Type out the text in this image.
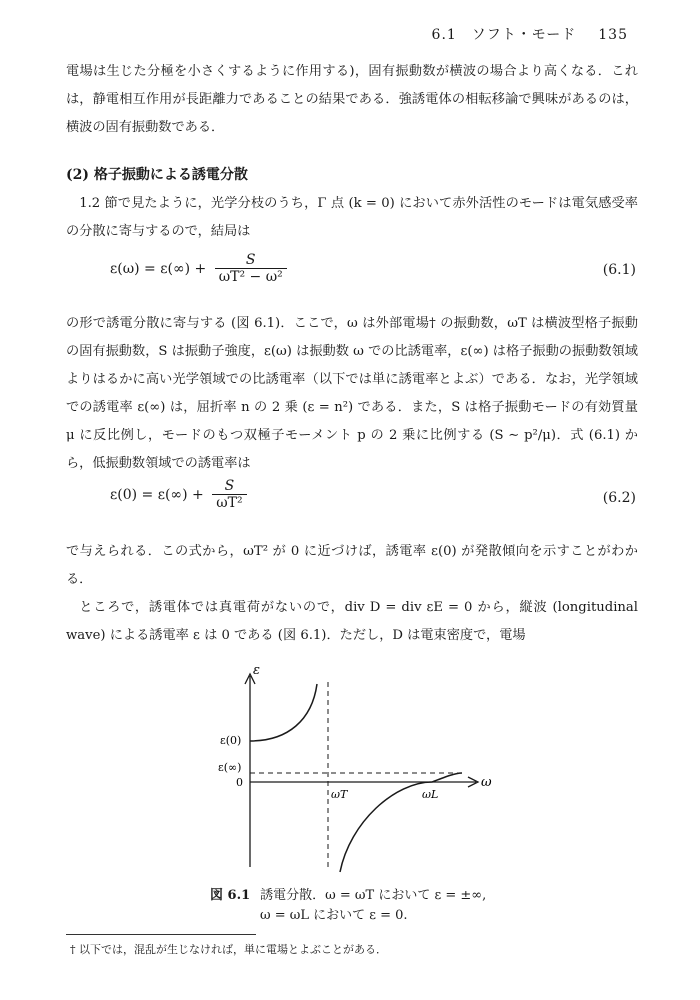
6.1　ソフト・モード 135
電場は生じた分極を小さくするように作用する)，固有振動数が横波の場合より高くなる．これは，静電相互作用が長距離力であることの結果である．強誘電体の相転移論で興味があるのは，横波の固有振動数である．
(2) 格子振動による誘電分散
1.2 節で見たように，光学分枝のうち，Γ 点 (k = 0) において赤外活性のモードは電気感受率の分散に寄与するので，結局は
$\varepsilon(\omega) = \varepsilon(\infty) + \frac{S}{\text{ωT² − ω²}}$	(6.1)
の形で誘電分散に寄与する (図 6.1)．ここで，ω は外部電場† の振動数，ωT は横波型格子振動の固有振動数，S は振動子強度，ε(ω) は振動数 ω での比誘電率，ε(∞) は格子振動の振動数領域よりはるかに高い光学領域での比誘電率（以下では単に誘電率とよぶ）である．なお，光学領域での誘電率 ε(∞) は，屈折率 n の 2 乗 (ε = n²) である．また，S は格子振動モードの有効質量 μ に反比例し，モードのもつ双極子モーメント p の 2 乗に比例する (S ∼ p²/μ)．式 (6.1) から，低振動数領域での誘電率は
$\varepsilon(0) = \varepsilon(\infty) + \frac{S}{\text{ωT²}}$	(6.2)
で与えられる．この式から，ωT² が 0 に近づけば，誘電率 ε(0) が発散傾向を示すことがわかる．
ところで，誘電体では真電荷がないので，div D = div εE = 0 から，縦波 (longitudinal wave) による誘電率 ε は 0 である (図 6.1)．ただし，D は電束密度で，電場
ε
ω
ε(0)
ε(∞)
0
ωT	ωL
図 6.1 誘電分散．ω = ωT において ε = ±∞,
ω = ωL において ε = 0.
† 以下では，混乱が生じなければ，単に電場とよぶことがある．
